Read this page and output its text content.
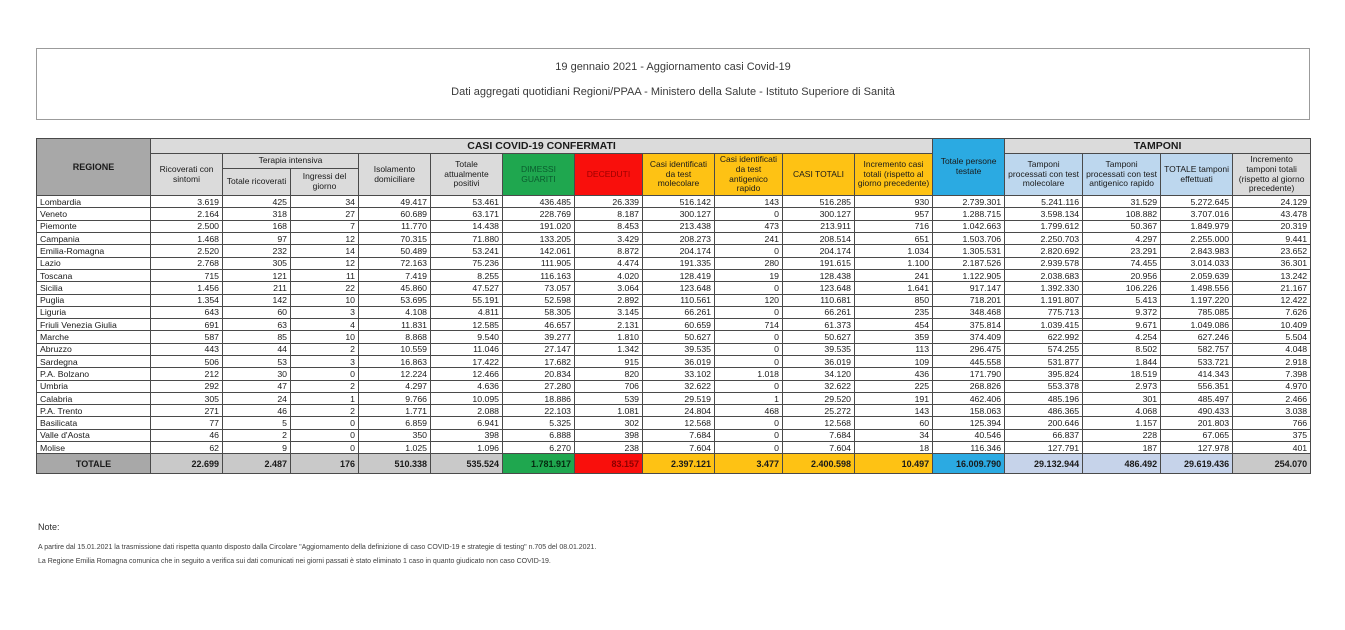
19 gennaio 2021 - Aggiornamento casi Covid-19
Dati aggregati quotidiani Regioni/PPAA - Ministero della Salute - Istituto Superiore di Sanità
REGIONE	CASI COVID-19 CONFERMATI											Totale persone testate	TAMPONI			
	Ricoverati con sintomi	Terapia intensiva		Isolamento domiciliare	Totale attualmente positivi	DIMESSI GUARITI	DECEDUTI	Casi identificati da test molecolare	Casi identificati da test antigenico rapido	CASI TOTALI	Incremento casi totali (rispetto al giorno precedente)		Tamponi processati con test molecolare	Tamponi processati con test antigenico rapido	TOTALE tamponi effettuati	Incremento tamponi totali (rispetto al giorno precedente)
		Totale ricoverati	Ingressi del giorno													
Lombardia	3.619	425	34	49.417	53.461	436.485	26.339	516.142	143	516.285	930	2.739.301	5.241.116	31.529	5.272.645	24.129
Veneto	2.164	318	27	60.689	63.171	228.769	8.187	300.127	0	300.127	957	1.288.715	3.598.134	108.882	3.707.016	43.478
Piemonte	2.500	168	7	11.770	14.438	191.020	8.453	213.438	473	213.911	716	1.042.663	1.799.612	50.367	1.849.979	20.319
Campania	1.468	97	12	70.315	71.880	133.205	3.429	208.273	241	208.514	651	1.503.706	2.250.703	4.297	2.255.000	9.441
Emilia-Romagna	2.520	232	14	50.489	53.241	142.061	8.872	204.174	0	204.174	1.034	1.305.531	2.820.692	23.291	2.843.983	23.652
Lazio	2.768	305	12	72.163	75.236	111.905	4.474	191.335	280	191.615	1.100	2.187.526	2.939.578	74.455	3.014.033	36.301
Toscana	715	121	11	7.419	8.255	116.163	4.020	128.419	19	128.438	241	1.122.905	2.038.683	20.956	2.059.639	13.242
Sicilia	1.456	211	22	45.860	47.527	73.057	3.064	123.648	0	123.648	1.641	917.147	1.392.330	106.226	1.498.556	21.167
Puglia	1.354	142	10	53.695	55.191	52.598	2.892	110.561	120	110.681	850	718.201	1.191.807	5.413	1.197.220	12.422
Liguria	643	60	3	4.108	4.811	58.305	3.145	66.261	0	66.261	235	348.468	775.713	9.372	785.085	7.626
Friuli Venezia Giulia	691	63	4	11.831	12.585	46.657	2.131	60.659	714	61.373	454	375.814	1.039.415	9.671	1.049.086	10.409
Marche	587	85	10	8.868	9.540	39.277	1.810	50.627	0	50.627	359	374.409	622.992	4.254	627.246	5.504
Abruzzo	443	44	2	10.559	11.046	27.147	1.342	39.535	0	39.535	113	296.475	574.255	8.502	582.757	4.048
Sardegna	506	53	3	16.863	17.422	17.682	915	36.019	0	36.019	109	445.558	531.877	1.844	533.721	2.918
P.A. Bolzano	212	30	0	12.224	12.466	20.834	820	33.102	1.018	34.120	436	171.790	395.824	18.519	414.343	7.398
Umbria	292	47	2	4.297	4.636	27.280	706	32.622	0	32.622	225	268.826	553.378	2.973	556.351	4.970
Calabria	305	24	1	9.766	10.095	18.886	539	29.519	1	29.520	191	462.406	485.196	301	485.497	2.466
P.A. Trento	271	46	2	1.771	2.088	22.103	1.081	24.804	468	25.272	143	158.063	486.365	4.068	490.433	3.038
Basilicata	77	5	0	6.859	6.941	5.325	302	12.568	0	12.568	60	125.394	200.646	1.157	201.803	766
Valle d'Aosta	46	2	0	350	398	6.888	398	7.684	0	7.684	34	40.546	66.837	228	67.065	375
Molise	62	9	0	1.025	1.096	6.270	238	7.604	0	7.604	18	116.346	127.791	187	127.978	401
TOTALE	22.699	2.487	176	510.338	535.524	1.781.917	83.157	2.397.121	3.477	2.400.598	10.497	16.009.790	29.132.944	486.492	29.619.436	254.070
Note:
A partire dal 15.01.2021 la trasmissione dati rispetta quanto disposto dalla Circolare "Aggiornamento della definizione di caso COVID-19 e strategie di testing" n.705 del 08.01.2021.
La Regione Emilia Romagna comunica che in seguito a verifica sui dati comunicati nei giorni passati è stato eliminato 1 caso in quanto giudicato non caso COVID-19.
